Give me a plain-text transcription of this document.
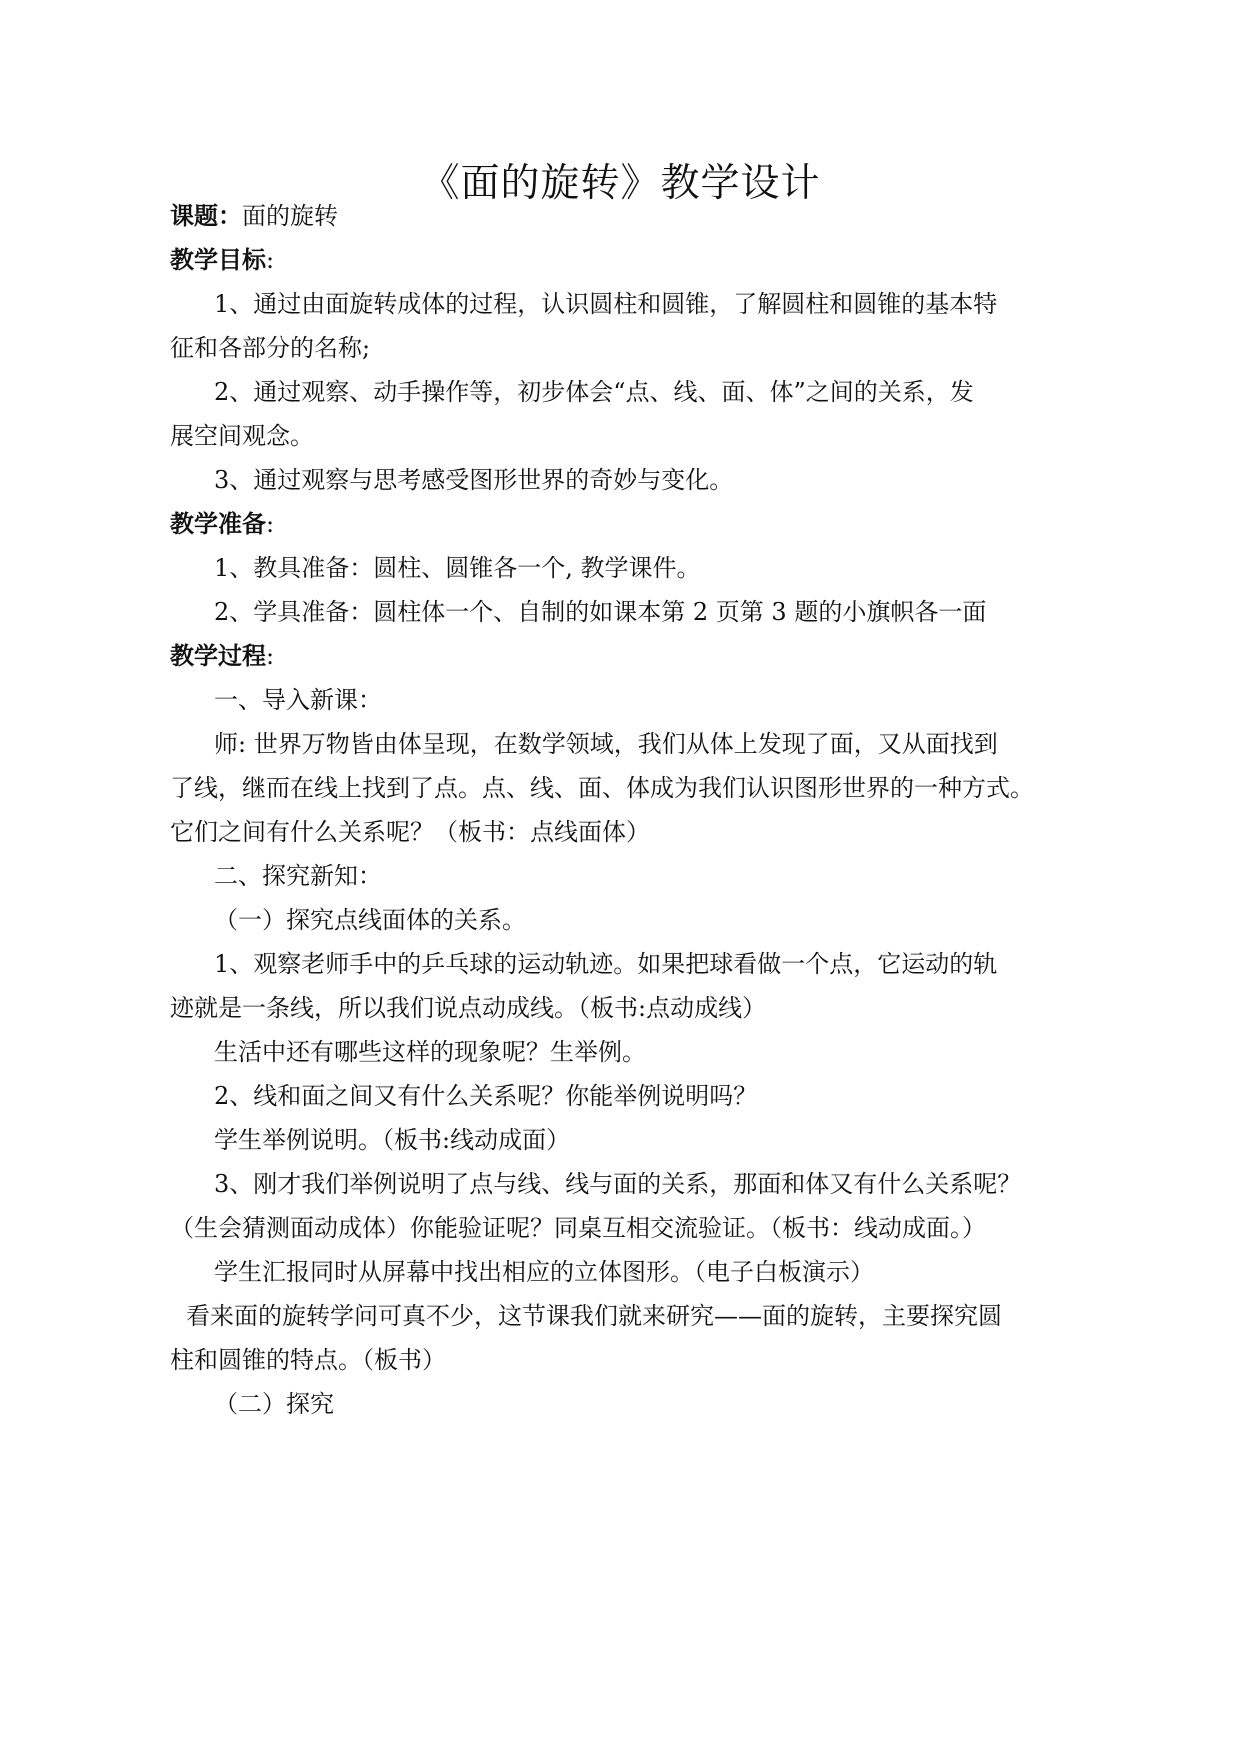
《面的旋转》教学设计
课题：面的旋转
教学目标:
1、通过由面旋转成体的过程，认识圆柱和圆锥，了解圆柱和圆锥的基本特
征和各部分的名称;
2、通过观察、动手操作等，初步体会“点、线、面、体”之间的关系，发
展空间观念。
3、通过观察与思考感受图形世界的奇妙与变化。
教学准备:
1、教具准备：圆柱、圆锥各一个, 教学课件。
2、学具准备：圆柱体一个、自制的如课本第 2 页第 3 题的小旗帜各一面
教学过程:
一、导入新课：
师: 世界万物皆由体呈现，在数学领域，我们从体上发现了面，又从面找到
了线，继而在线上找到了点。点、线、面、体成为我们认识图形世界的一种方式。
它们之间有什么关系呢？（板书：点线面体）
二、探究新知：
（一）探究点线面体的关系。
1、观察老师手中的乒乓球的运动轨迹。如果把球看做一个点，它运动的轨
迹就是一条线，所以我们说点动成线。（板书:点动成线）
生活中还有哪些这样的现象呢？生举例。
2、线和面之间又有什么关系呢？你能举例说明吗？
学生举例说明。（板书:线动成面）
3、刚才我们举例说明了点与线、线与面的关系，那面和体又有什么关系呢？
（生会猜测面动成体）你能验证呢？同桌互相交流验证。（板书：线动成面。）
学生汇报同时从屏幕中找出相应的立体图形。（电子白板演示）
看来面的旋转学问可真不少，这节课我们就来研究——面的旋转，主要探究圆
柱和圆锥的特点。（板书）
（二）探究
